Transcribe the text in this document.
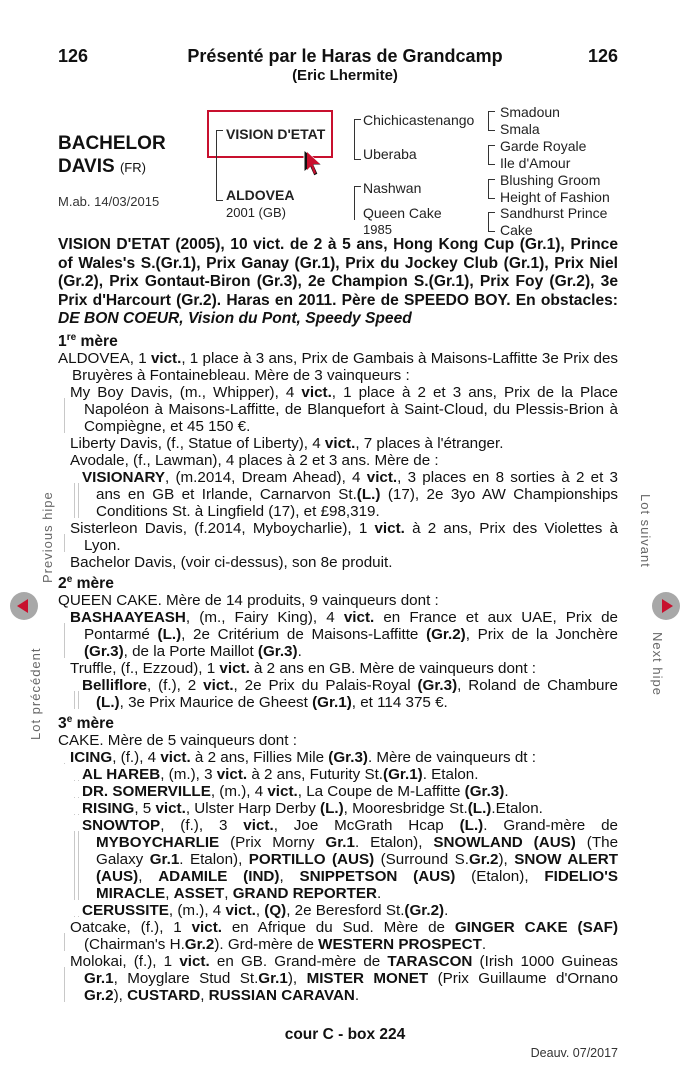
126	Présenté par le Haras de Grandcamp
(Eric Lhermite)
126
BACHELOR
DAVIS (FR)
M.ab. 14/03/2015
VISION D'ETAT
ALDOVEA
2001 (GB)
Chichicastenango
Uberaba
Nashwan
Queen Cake
1985
Smadoun
Smala
Garde Royale
Ile d'Amour
Blushing Groom
Height of Fashion
Sandhurst Prince
Cake
Lot précédent
Previous hipe	Lot suivant
Next hipe

VISION D'ETAT (2005), 10 vict. de 2 à 5 ans, Hong Kong Cup (Gr.1), Prince of Wales's S.(Gr.1), Prix Ganay (Gr.1), Prix du Jockey Club (Gr.1), Prix Niel (Gr.2), Prix Gontaut-Biron (Gr.3), 2e Champion S.(Gr.1), Prix Foy (Gr.2), 3e Prix d'Harcourt (Gr.2). Haras en 2011. Père de SPEEDO BOY. En obstacles: DE BON COEUR, Vision du Pont, Speedy Speed

1re mère

ALDOVEA, 1 vict., 1 place à 3 ans, Prix de Gambais à Maisons-Laffitte 3e Prix des Bruyères à Fontainebleau. Mère de 3 vainqueurs :

My Boy Davis, (m., Whipper), 4 vict., 1 place à 2 et 3 ans, Prix de la Place Napoléon à Maisons-Laffitte, de Blanquefort à Saint-Cloud, du Plessis-Brion à Compiègne, et 45 150 €.

Liberty Davis, (f., Statue of Liberty), 4 vict., 7 places à l'étranger.

Avodale, (f., Lawman), 4 places à 2 et 3 ans. Mère de :

VISIONARY, (m.2014, Dream Ahead), 4 vict., 3 places en 8 sorties à 2 et 3 ans en GB et Irlande, Carnarvon St.(L.) (17), 2e 3yo AW Championships Conditions St. à Lingfield (17), et £98,319.

Sisterleon Davis, (f.2014, Myboycharlie), 1 vict. à 2 ans, Prix des Violettes à Lyon.

Bachelor Davis, (voir ci-dessus), son 8e produit.

2e mère

QUEEN CAKE. Mère de 14 produits, 9 vainqueurs dont :

BASHAAYEASH, (m., Fairy King), 4 vict. en France et aux UAE, Prix de Pontarmé (L.), 2e Critérium de Maisons-Laffitte (Gr.2), Prix de la Jonchère (Gr.3), de la Porte Maillot (Gr.3).

Truffle, (f., Ezzoud), 1 vict. à 2 ans en GB. Mère de vainqueurs dont :

Belliflore, (f.), 2 vict., 2e Prix du Palais-Royal (Gr.3), Roland de Chambure (L.), 3e Prix Maurice de Gheest (Gr.1), et 114 375 €.

3e mère

CAKE. Mère de 5 vainqueurs dont :

ICING, (f.), 4 vict. à 2 ans, Fillies Mile (Gr.3). Mère de vainqueurs dt :

AL HAREB, (m.), 3 vict. à 2 ans, Futurity St.(Gr.1). Etalon.

DR. SOMERVILLE, (m.), 4 vict., La Coupe de M-Laffitte (Gr.3).

RISING, 5 vict., Ulster Harp Derby (L.), Mooresbridge St.(L.).Etalon.

SNOWTOP, (f.), 3 vict., Joe McGrath Hcap (L.). Grand-mère de MYBOYCHARLIE (Prix Morny Gr.1. Etalon), SNOWLAND (AUS) (The Galaxy Gr.1. Etalon), PORTILLO (AUS) (Surround S.Gr.2), SNOW ALERT (AUS), ADAMILE (IND), SNIPPETSON (AUS) (Etalon), FIDELIO'S MIRACLE, ASSET, GRAND REPORTER.

CERUSSITE, (m.), 4 vict., (Q), 2e Beresford St.(Gr.2).

Oatcake, (f.), 1 vict. en Afrique du Sud. Mère de GINGER CAKE (SAF) (Chairman's H.Gr.2). Grd-mère de WESTERN PROSPECT.

Molokai, (f.), 1 vict. en GB. Grand-mère de TARASCON (Irish 1000 Guineas Gr.1, Moyglare Stud St.Gr.1), MISTER MONET (Prix Guillaume d'Ornano Gr.2), CUSTARD, RUSSIAN CARAVAN.

cour C - box 224
Deauv. 07/2017
